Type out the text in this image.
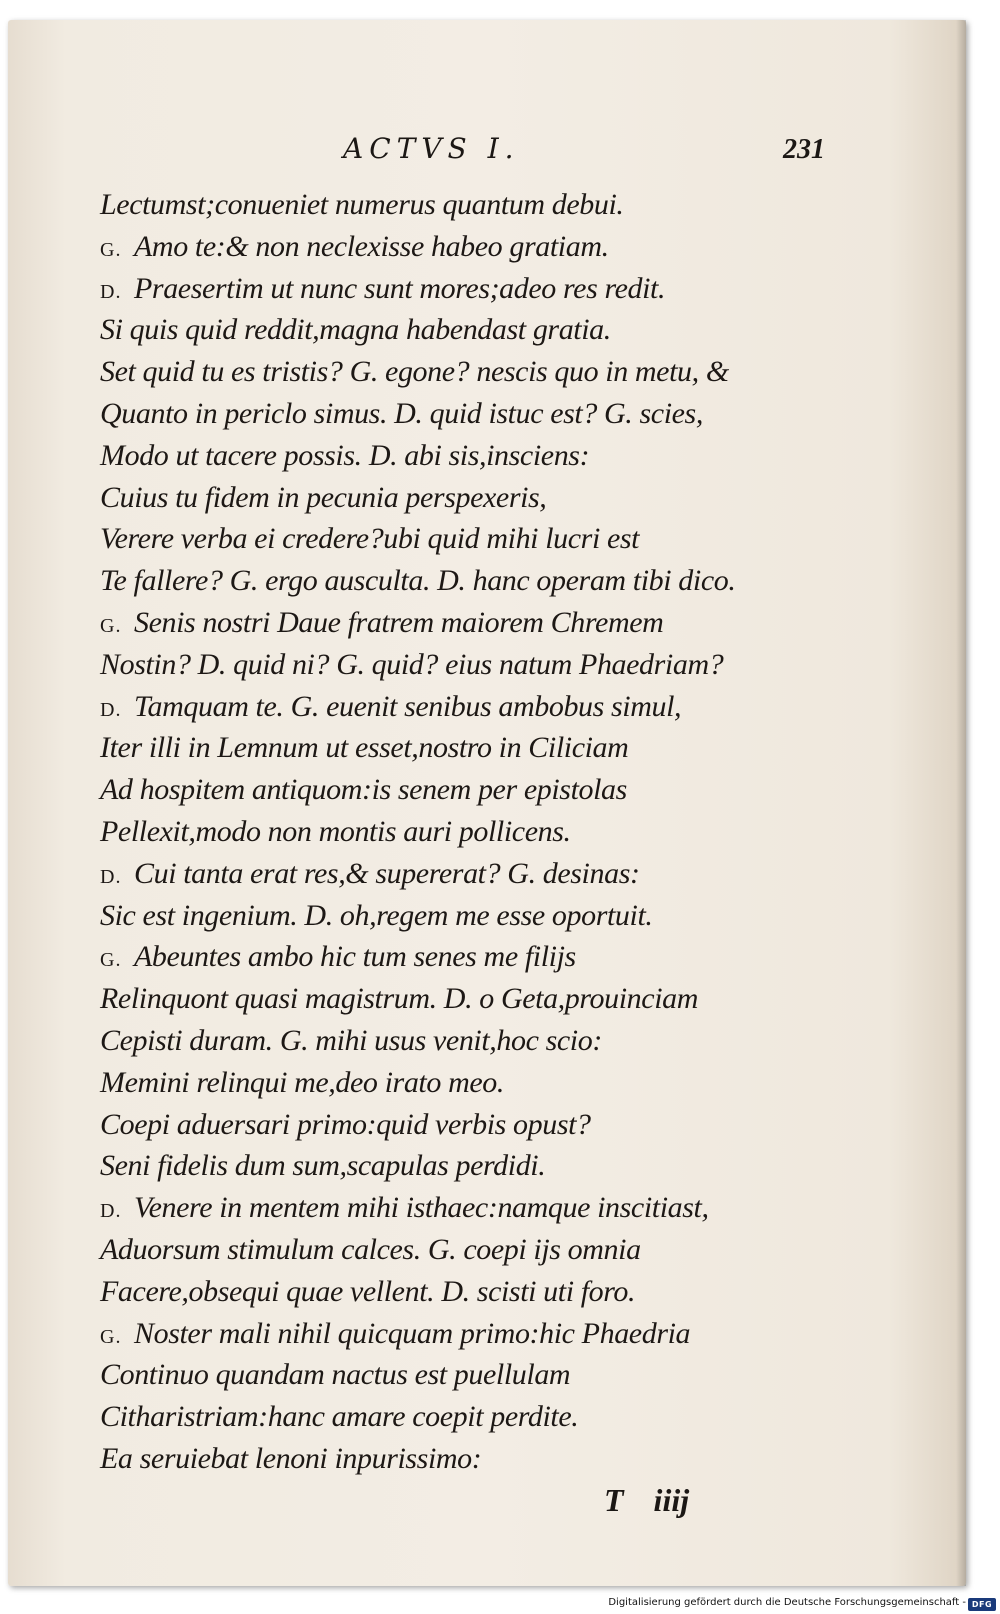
ACTVS I.	231
Lectumst;conueniet numerus quantum debui.
G. Amo te:& non neclexisse habeo gratiam.
D. Praesertim ut nunc sunt mores;adeo res redit.
Si quis quid reddit,magna habendast gratia.
Set quid tu es tristis? G. egone? nescis quo in metu, &
Quanto in periclo simus. D. quid istuc est? G. scies,
Modo ut tacere possis. D. abi sis,insciens:
Cuius tu fidem in pecunia perspexeris,
Verere verba ei credere?ubi quid mihi lucri est
Te fallere? G. ergo ausculta. D. hanc operam tibi dico.
G. Senis nostri Daue fratrem maiorem Chremem
Nostin? D. quid ni? G. quid? eius natum Phaedriam?
D. Tamquam te. G. euenit senibus ambobus simul,
Iter illi in Lemnum ut esset,nostro in Ciliciam
Ad hospitem antiquom:is senem per epistolas
Pellexit,modo non montis auri pollicens.
D. Cui tanta erat res,& supererat? G. desinas:
Sic est ingenium. D. oh,regem me esse oportuit.
G. Abeuntes ambo hic tum senes me filijs
Relinquont quasi magistrum. D. o Geta,prouinciam
Cepisti duram. G. mihi usus venit,hoc scio:
Memini relinqui me,deo irato meo.
Coepi aduersari primo:quid verbis opust?
Seni fidelis dum sum,scapulas perdidi.
D. Venere in mentem mihi isthaec:namque inscitiast,
Aduorsum stimulum calces. G. coepi ijs omnia
Facere,obsequi quae vellent. D. scisti uti foro.
G. Noster mali nihil quicquam primo:hic Phaedria
Continuo quandam nactus est puellulam
Citharistriam:hanc amare coepit perdite.
Ea seruiebat lenoni inpurissimo:
T iiij
Digitalisierung gefördert durch die Deutsche Forschungsgemeinschaft - DFG
